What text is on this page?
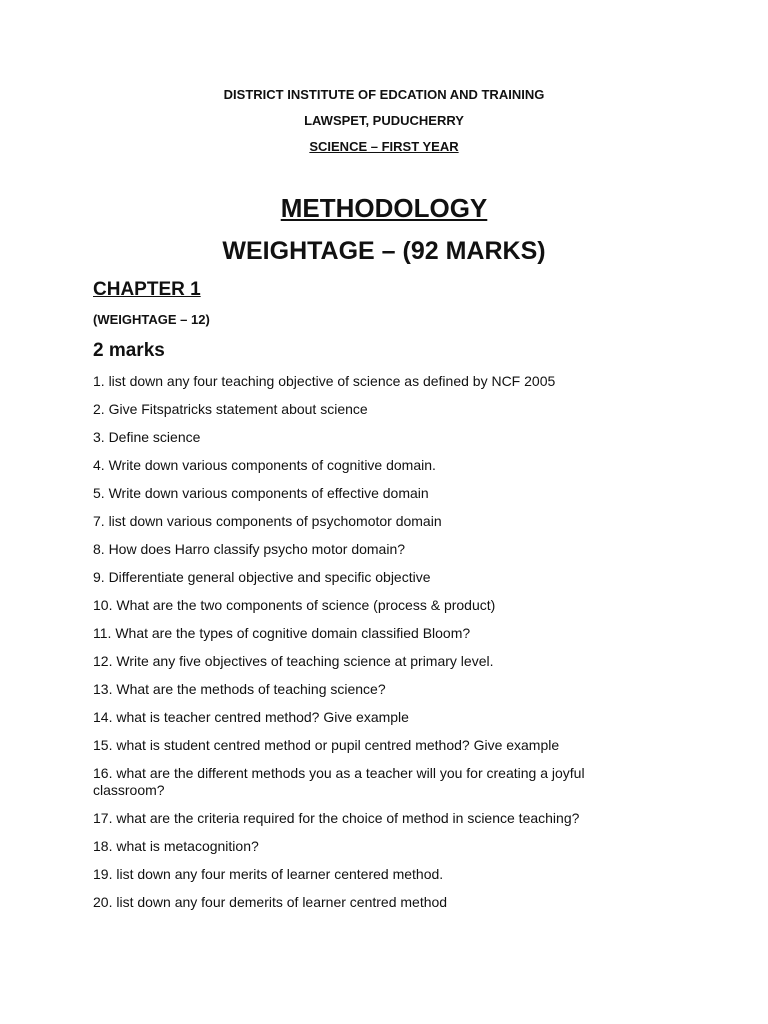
DISTRICT INSTITUTE OF EDCATION AND TRAINING

LAWSPET, PUDUCHERRY

SCIENCE – FIRST YEAR

METHODOLOGY
WEIGHTAGE – (92 MARKS)
CHAPTER 1

(WEIGHTAGE – 12)

2 marks
1. list down any four teaching objective of science as defined by NCF 2005
2. Give Fitspatricks statement about science
3. Define science
4. Write down various components of cognitive domain.
5. Write down various components of effective domain
7. list down various components of psychomotor domain
8. How does Harro classify psycho motor domain?
9. Differentiate general objective and specific objective
10. What are the two components of science (process & product)
11. What are the types of cognitive domain classified Bloom?
12. Write any five objectives of teaching science at primary level.
13. What are the methods of teaching science?
14. what is teacher centred method? Give example
15. what is student centred method or pupil centred method? Give example
16. what are the different methods you as a teacher will you for creating a joyful classroom?
17. what are the criteria required for the choice of method in science teaching?
18. what is metacognition?
19. list down any four merits of learner centered method.
20. list down any four demerits of learner centred method
